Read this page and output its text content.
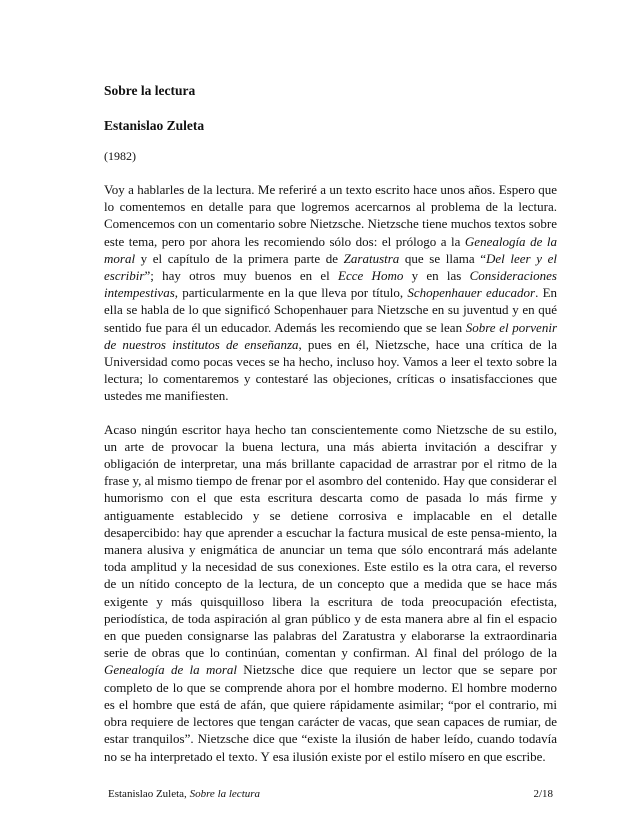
Sobre la lectura

Estanislao Zuleta

(1982)

Voy a hablarles de la lectura. Me referiré a un texto escrito hace unos años. Espero que lo comentemos en detalle para que logremos acercarnos al problema de la lectura. Comencemos con un comentario sobre Nietzsche. Nietzsche tiene muchos textos sobre este tema, pero por ahora les recomiendo sólo dos: el prólogo a la Genealogía de la moral y el capítulo de la primera parte de Zaratustra que se llama “Del leer y el escribir”; hay otros muy buenos en el Ecce Homo y en las Consideraciones intempestivas, particularmente en la que lleva por título, Schopenhauer educador. En ella se habla de lo que significó Schopenhauer para Nietzsche en su juventud y en qué sentido fue para él un educador. Además les recomiendo que se lean Sobre el porvenir de nuestros institutos de enseñanza, pues en él, Nietzsche, hace una crítica de la Universidad como pocas veces se ha hecho, incluso hoy. Vamos a leer el texto sobre la lectura; lo comentaremos y contestaré las objeciones, críticas o insatisfacciones que ustedes me manifiesten.

Acaso ningún escritor haya hecho tan conscientemente como Nietzsche de su estilo, un arte de provocar la buena lectura, una más abierta invitación a descifrar y obligación de interpretar, una más brillante capacidad de arrastrar por el ritmo de la frase y, al mismo tiempo de frenar por el asombro del contenido. Hay que considerar el humorismo con el que esta escritura descarta como de pasada lo más firme y antiguamente establecido y se detiene corrosiva e implacable en el detalle desapercibido: hay que aprender a escuchar la factura musical de este pensa-miento, la manera alusiva y enigmática de anunciar un tema que sólo encontrará más adelante toda amplitud y la necesidad de sus conexiones. Este estilo es la otra cara, el reverso de un nítido concepto de la lectura, de un concepto que a medida que se hace más exigente y más quisquilloso libera la escritura de toda preocupación efectista, periodística, de toda aspiración al gran público y de esta manera abre al fin el espacio en que pueden consignarse las palabras del Zaratustra y elaborarse la extraordinaria serie de obras que lo continúan, comentan y confirman. Al final del prólogo de la Genealogía de la moral Nietzsche dice que requiere un lector que se separe por completo de lo que se comprende ahora por el hombre moderno. El hombre moderno es el hombre que está de afán, que quiere rápidamente asimilar; “por el contrario, mi obra requiere de lectores que tengan carácter de vacas, que sean capaces de rumiar, de estar tranquilos”. Nietzsche dice que “existe la ilusión de haber leído, cuando todavía no se ha interpretado el texto. Y esa ilusión existe por el estilo mísero en que escribe.

Estanislao Zuleta, Sobre la lectura	2/18
